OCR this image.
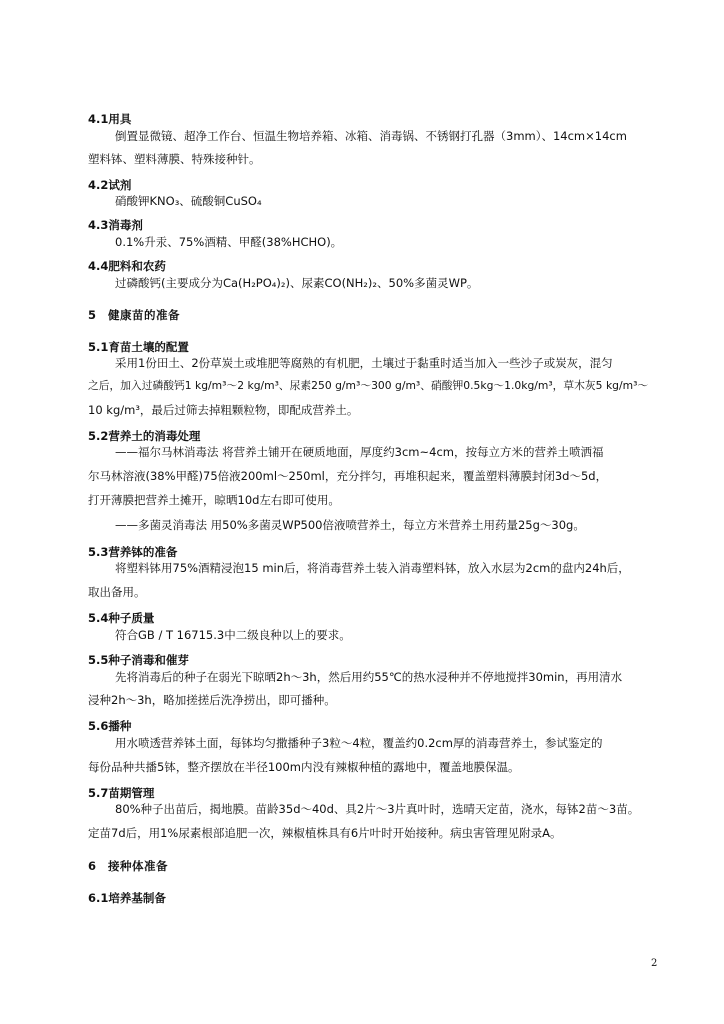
4.1用具
倒置显微镜、超净工作台、恒温生物培养箱、冰箱、消毒锅、不锈钢打孔器（3mm）、14cm×14cm
塑料钵、塑料薄膜、特殊接种针。
4.2试剂
硝酸钾KNO₃、硫酸铜CuSO₄
4.3消毒剂
0.1%升汞、75%酒精、甲醛(38%HCHO)。
4.4肥料和农药
过磷酸钙(主要成分为Ca(H₂PO₄)₂)、尿素CO(NH₂)₂、50%多菌灵WP。
5 健康苗的准备
5.1育苗土壤的配置
采用1份田土、2份草炭土或堆肥等腐熟的有机肥，土壤过于黏重时适当加入一些沙子或炭灰，混匀
之后，加入过磷酸钙1 kg/m³～2 kg/m³、尿素250 g/m³～300 g/m³、硝酸钾0.5kg～1.0kg/m³，草木灰5 kg/m³～
10 kg/m³，最后过筛去掉粗颗粒物，即配成营养土。
5.2营养土的消毒处理
——福尔马林消毒法 将营养土铺开在硬质地面，厚度约3cm~4cm，按每立方米的营养土喷洒福
尔马林溶液(38%甲醛)75倍液200ml～250ml，充分拌匀，再堆积起来，覆盖塑料薄膜封闭3d～5d，
打开薄膜把营养土摊开，晾晒10d左右即可使用。
——多菌灵消毒法 用50%多菌灵WP500倍液喷营养土，每立方米营养土用药量25g～30g。
5.3营养钵的准备
将塑料钵用75%酒精浸泡15 min后，将消毒营养土装入消毒塑料钵，放入水层为2cm的盘内24h后，
取出备用。
5.4种子质量
符合GB / T 16715.3中二级良种以上的要求。
5.5种子消毒和催芽
先将消毒后的种子在弱光下晾晒2h～3h，然后用约55℃的热水浸种并不停地搅拌30min，再用清水
浸种2h～3h，略加搓搓后洗净捞出，即可播种。
5.6播种
用水喷透营养钵土面，每钵均匀撒播种子3粒～4粒，覆盖约0.2cm厚的消毒营养土，参试鉴定的
每份品种共播5钵，整齐摆放在半径100m内没有辣椒种植的露地中，覆盖地膜保温。
5.7苗期管理
80%种子出苗后，揭地膜。苗龄35d～40d、具2片～3片真叶时，选晴天定苗，浇水，每钵2苗～3苗。
定苗7d后，用1%尿素根部追肥一次，辣椒植株具有6片叶时开始接种。病虫害管理见附录A。
6 接种体准备
6.1培养基制备
2
